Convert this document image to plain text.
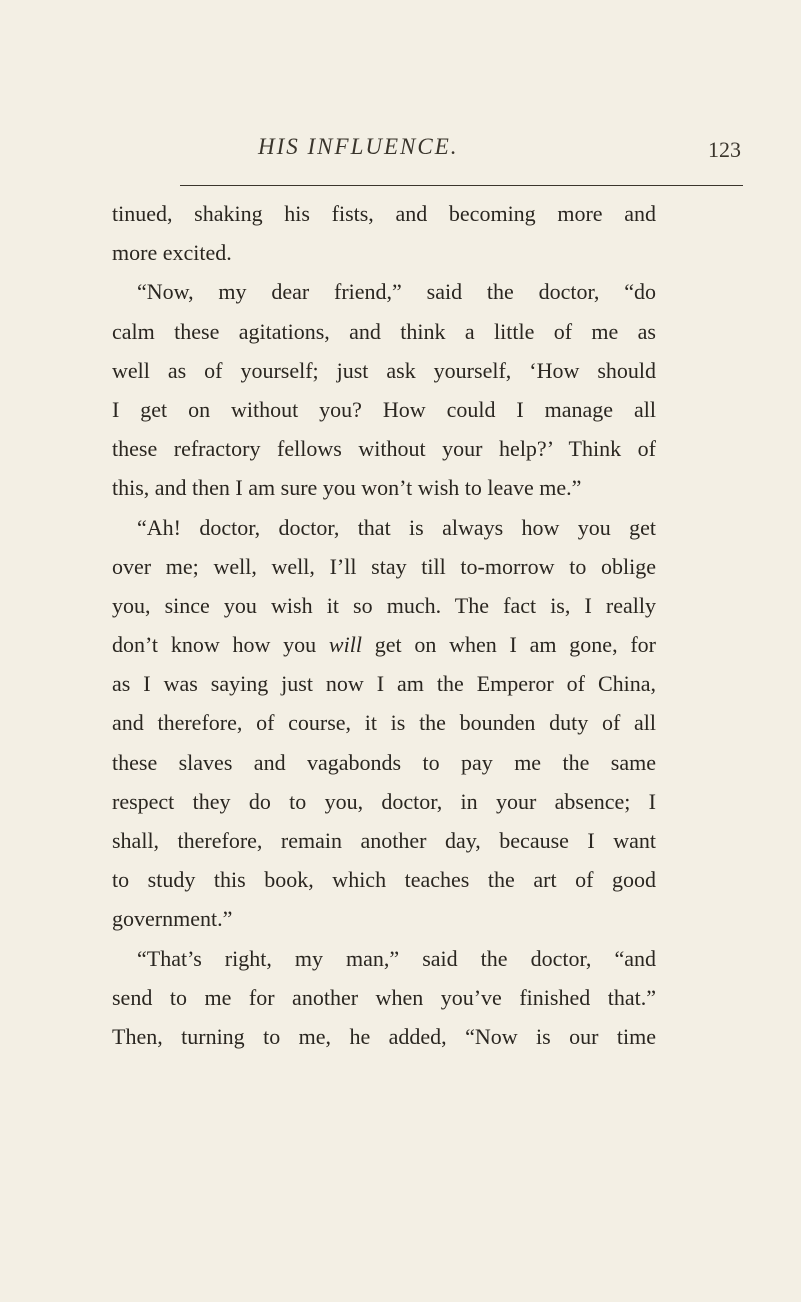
HIS INFLUENCE.	123
tinued, shaking his fists, and becoming more and
more excited.
“Now, my dear friend,” said the doctor, “do
calm these agitations, and think a little of me as
well as of yourself; just ask yourself, ‘How should
I get on without you? How could I manage all
these refractory fellows without your help?’ Think of
this, and then I am sure you won’t wish to leave me.”
“Ah! doctor, doctor, that is always how you get
over me; well, well, I’ll stay till to-morrow to oblige
you, since you wish it so much. The fact is, I really
don’t know how you will get on when I am gone, for
as I was saying just now I am the Emperor of China,
and therefore, of course, it is the bounden duty of all
these slaves and vagabonds to pay me the same
respect they do to you, doctor, in your absence; I
shall, therefore, remain another day, because I want
to study this book, which teaches the art of good
government.”
“That’s right, my man,” said the doctor, “and
send to me for another when you’ve finished that.”
Then, turning to me, he added, “Now is our time
